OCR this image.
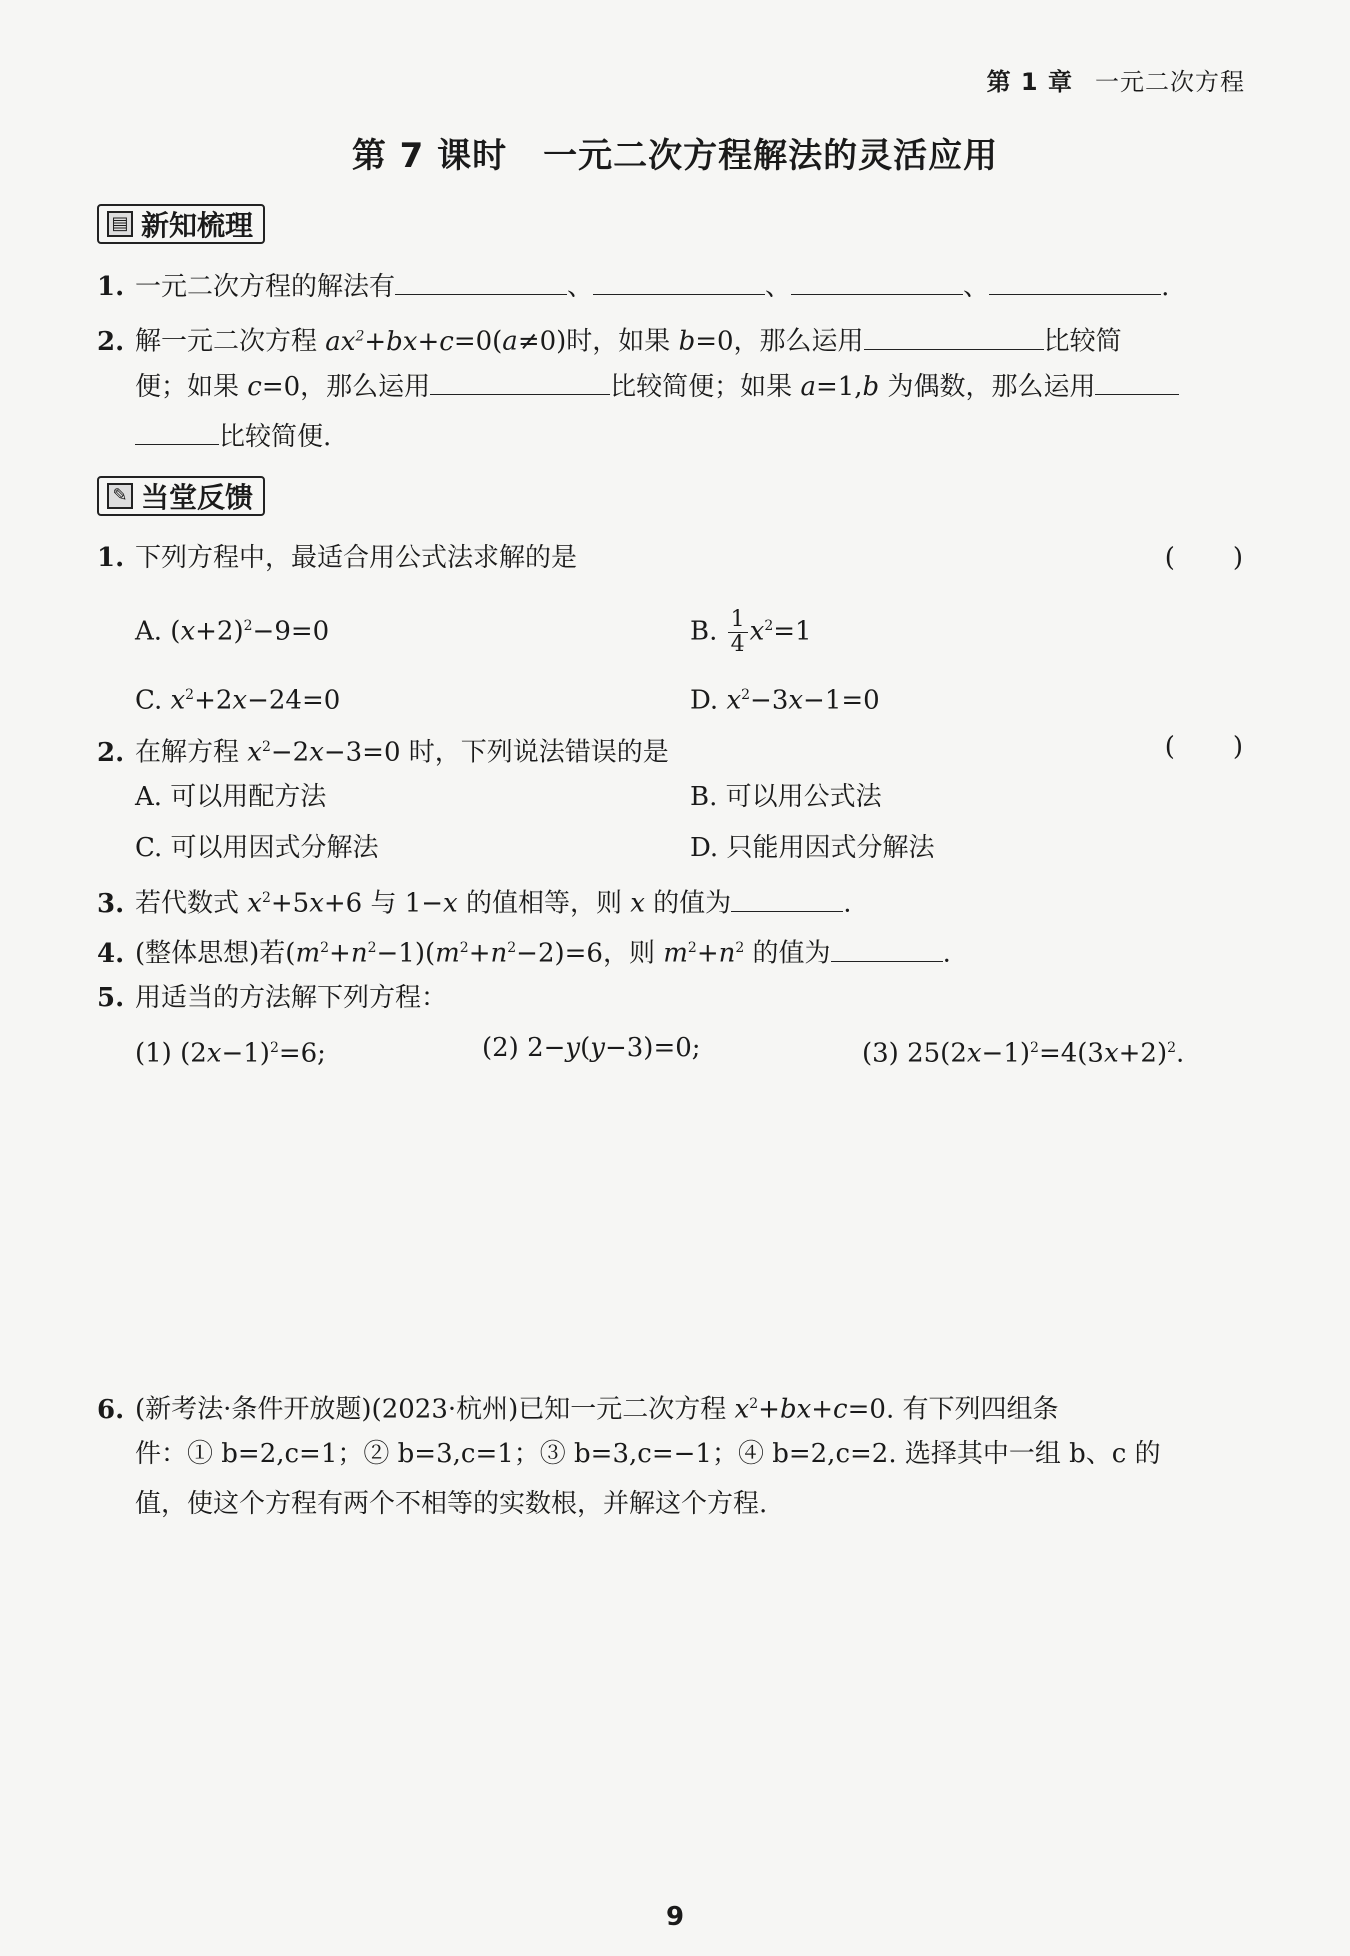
第 1 章 一元二次方程
第 7 课时 一元二次方程解法的灵活应用
▤ 新知梳理
1. 一元二次方程的解法有	、	、	、	.
2. 解一元二次方程 $ax^2+bx+c=0(a\ne 0)$时，如果 b=0，那么运用	比较简
便；如果 c=0，那么运用	比较简便；如果 a=1,b 为偶数，那么运用
比较简便.
✎ 当堂反馈
1. 下列方程中，最适合用公式法求解的是	(　　)
A. $(x+2)^2-9=0$	B. $\frac{1}{4} x^2=1$
C. $x^2+2x-24=0$	D. $x^2-3x-1=0$
2. 在解方程 $x^2-2x-3=0$ 时，下列说法错误的是	(　　)
A. 可以用配方法	B. 可以用公式法
C. 可以用因式分解法	D. 只能用因式分解法
3. 若代数式 $x^2+5x+6$ 与 1−x 的值相等，则 x 的值为	.
4. (整体思想)若$(m^2+n^2-1)(m^2+n^2-2)=6$，则 $m^2+n^2$ 的值为	.
5. 用适当的方法解下列方程：
(1) $(2x-1)^2=6$;	(2) 2−y(y−3)=0;	(3) $25(2x-1)^2=4(3x+2)^2$.
6. (新考法·条件开放题)(2023·杭州)已知一元二次方程 $x^2+bx+c=0$. 有下列四组条
件：① b=2,c=1；② b=3,c=1；③ b=3,c=−1；④ b=2,c=2. 选择其中一组 b、c 的
值，使这个方程有两个不相等的实数根，并解这个方程.
9
